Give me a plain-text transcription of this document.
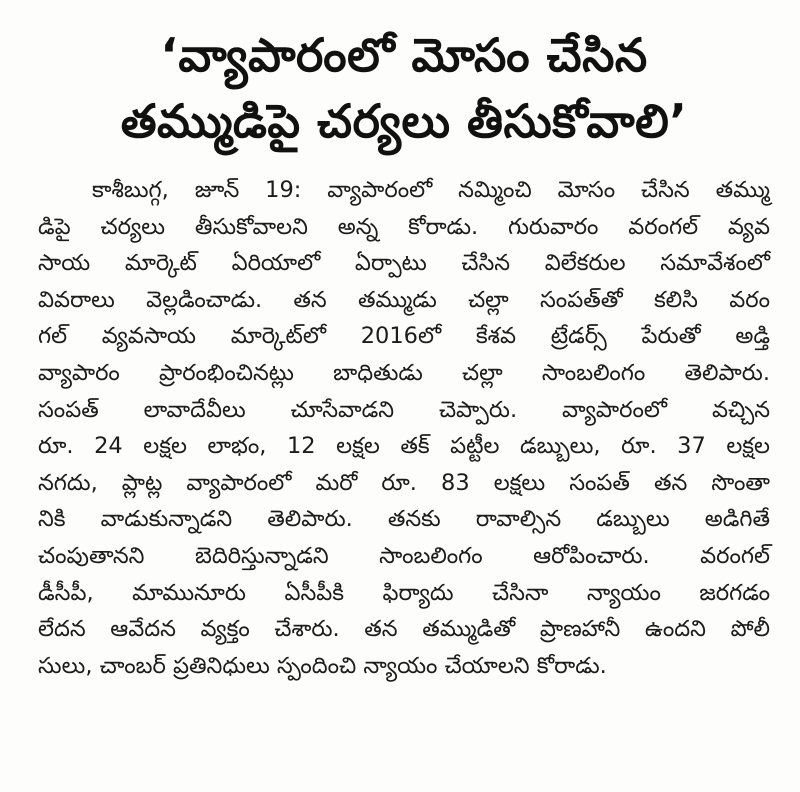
‘వ్యాపారంలో మోసం చేసిన
తమ్ముడిపై చర్యలు తీసుకోవాలి’
కాశీబుగ్గ, జూన్ 19: వ్యాపారంలో నమ్మించి మోసం చేసిన తమ్ము
డిపై చర్యలు తీసుకోవాలని అన్న కోరాడు. గురువారం వరంగల్ వ్యవ
సాయ మార్కెట్ ఏరియాలో ఏర్పాటు చేసిన విలేకరుల సమావేశంలో
వివరాలు వెల్లడించాడు. తన తమ్ముడు చల్లా సంపత్‌తో కలిసి వరం
గల్ వ్యవసాయ మార్కెట్‌లో 2016లో కేశవ ట్రేడర్స్ పేరుతో అడ్తి
వ్యాపారం ప్రారంభించినట్లు బాధితుడు చల్లా సాంబలింగం తెలిపారు.
సంపత్ లావాదేవీలు చూసేవాడని చెప్పారు. వ్యాపారంలో వచ్చిన
రూ. 24 లక్షల లాభం, 12 లక్షల తక్ పట్టీల డబ్బులు, రూ. 37 లక్షల
నగదు, ప్లాట్ల వ్యాపారంలో మరో రూ. 83 లక్షలు సంపత్ తన సొంతా
నికి వాడుకున్నాడని తెలిపారు. తనకు రావాల్సిన డబ్బులు అడిగితే
చంపుతానని బెదిరిస్తున్నాడని సాంబలింగం ఆరోపించారు. వరంగల్
డీసీపీ, మామునూరు ఏసీపీకి ఫిర్యాదు చేసినా న్యాయం జరగడం
లేదన ఆవేదన వ్యక్తం చేశారు. తన తమ్ముడితో ప్రాణహానీ ఉందని పోలీ
సులు, చాంబర్ ప్రతినిధులు స్పందించి న్యాయం చేయాలని కోరాడు.
